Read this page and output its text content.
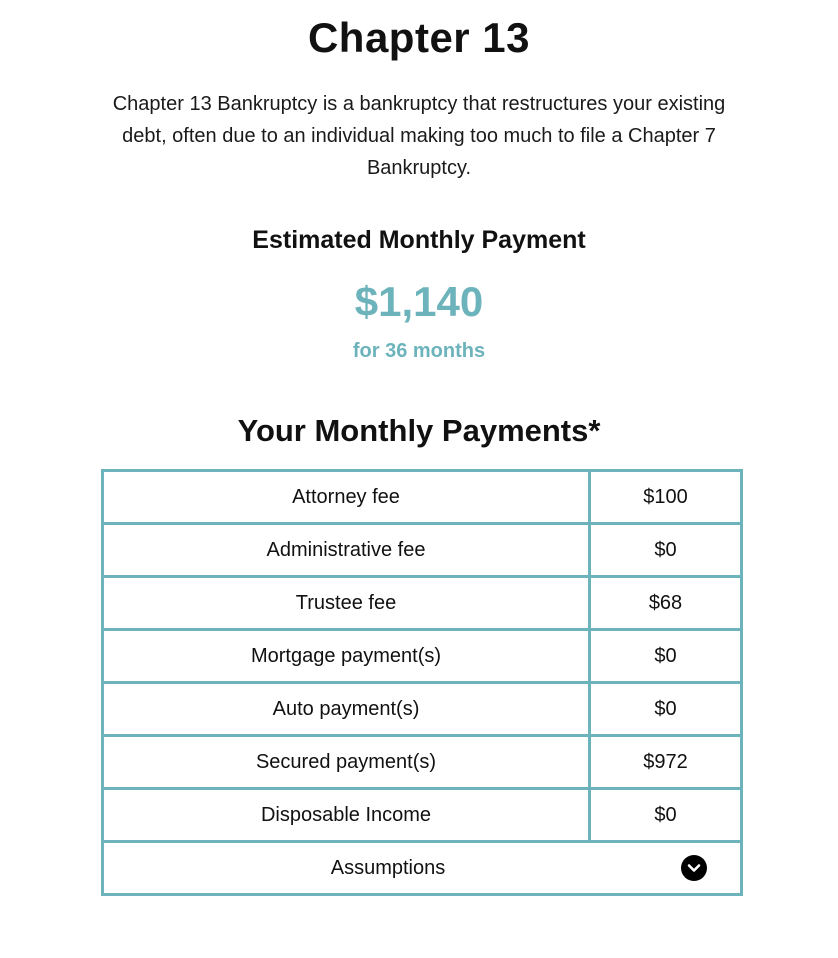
Chapter 13

Chapter 13 Bankruptcy is a bankruptcy that restructures your existing debt, often due to an individual making too much to file a Chapter 7 Bankruptcy.

Estimated Monthly Payment
$1,140
for 36 months
Your Monthly Payments*
Attorney fee	$100
Administrative fee	$0
Trustee fee	$68
Mortgage payment(s)	$0
Auto payment(s)	$0
Secured payment(s)	$972
Disposable Income	$0
Assumptions	
